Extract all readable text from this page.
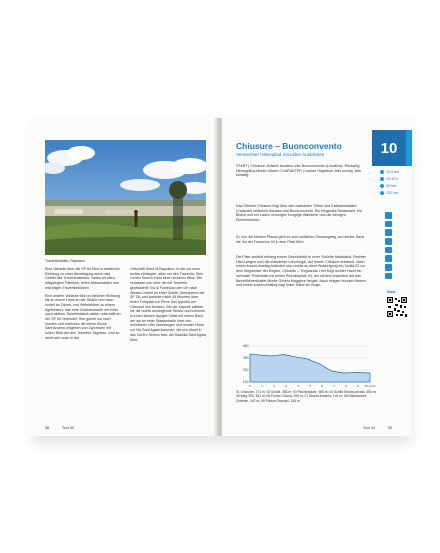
Travertinhalden, Rapolano

Eine Variante über die SP 64 führt in westlicher Richtung zu einer Abzweigung durch das Gebiet des Travertinabbaus, vorbei an alten, stillgelegten Fabriken, tiefen Abbauhalden und mächtigen Travertinblöcken.

Eine andere Variante führt in östlicher Richtung bis zu einem Haus an der Straße und dann vorbei an Oliven- und Weinfeldern zu einem Agriturismo, das eine Zufahrtsstraße mit einer noch aktiven Travertinfabrik weiter unterhalb an der SP 64 verbindet. Hier gehen wir nach Norden und erreichen die kleine Kirche Sant'Andrea umgeben von Zypressen mit tollem Blick auf den Travertin-Tagebau. Und so dreht sich auch in der

Ortschaft Serre di Rapolano, in der wir nach rechts einbiegen, alles um den Travertin. Sein Centro Storico lohnt einen sicheren Blick. Wir verlassen nun über die mit Travertin gepflasterte Via di Fonteluco den Ort nach Westen vorbei an einer Quelle, überqueren die SP 26, und kommen nach 45 Minuten über einen Feldpfad zur Pieve San Ippolito am Ortsrand von Asciano. Bei der Kapelle wählen wir die rechts ansteigende Straße und kommen in einen kleinen lippigen Wald mit einem Bach, der wir an einer Staatsstraße über den rechtlichen Ufer übersteigen und rechter Hand zur Via Sant'Agata kommen, die uns direkt in das Centro Storico bzw. der Basilika Sant'Agata führt.

58	Tour 09
Chiusure – Buonconvento
Versteckter Hirtenpfad mit tollen Ausblicken	10
10.2 km
03:15 h
89 hm
122 hm
Start
START | Chiusure, Anfahrt: Asciano oder Buonconvento (Lokalbus). Rückweg: Hinweg/Bus-Monte Oliveto CHARAKTER | Leichte Hügeltour, teils sonnig, teils schattig
Das Örtchen Chiusure liegt über den markanten Triften und Kalksteinhalden (Calanchi) zwischen Asciano und Buonconvento. Ein elegantes Restaurant, ein Bistrot und ein Laden versorgen hungrige Wanderer und die wenigen Einheimischen.
01 Von der kleinen Piazza geht es zum südlichen Ortsausgang, wo rechter Hand die Via del Fornacino 02 in eine Piste führt.
Die Piste verläuft entlang einem Getreidefeld in einer Schleife talabwärts. Rechter Hand zeigen sich die markanten Lehmhügel, auf denen Chiusure entstand. Nach einem kurzen Anstieg befinden sich rechts an einer Abzweigung ein Schild 03 vor dem Wegweiser der Region. Chiusdin – Treguanda. Hier folgt rechter Hand ein schmaler Pinienhain mit einem Picknickplatz 04, der schöne Ansichten auf das Benediktinerkloster Monte Oliveto Maggiore freigibt. Nach einigen hundert Metern und einem kurzen Anstieg folgt linker Hand ein einge-
450
350
250
150
0	1	2	3	4	5	6	7	8	9 10.2 km
01 Chiusure, 371 m; 02 Schild, 358 m; 03 Picknickplatz, 365 m; 04 Schild Strada privata, 354 m; 05 Weg 350, 351 m; 06 Fondo Chiusa, 206 m; 07 Strada Armena, 144 m; 08 Historisches Zentrum, 147 m; 09 Piazza Gramsci, 146 m
Tour 10	59
